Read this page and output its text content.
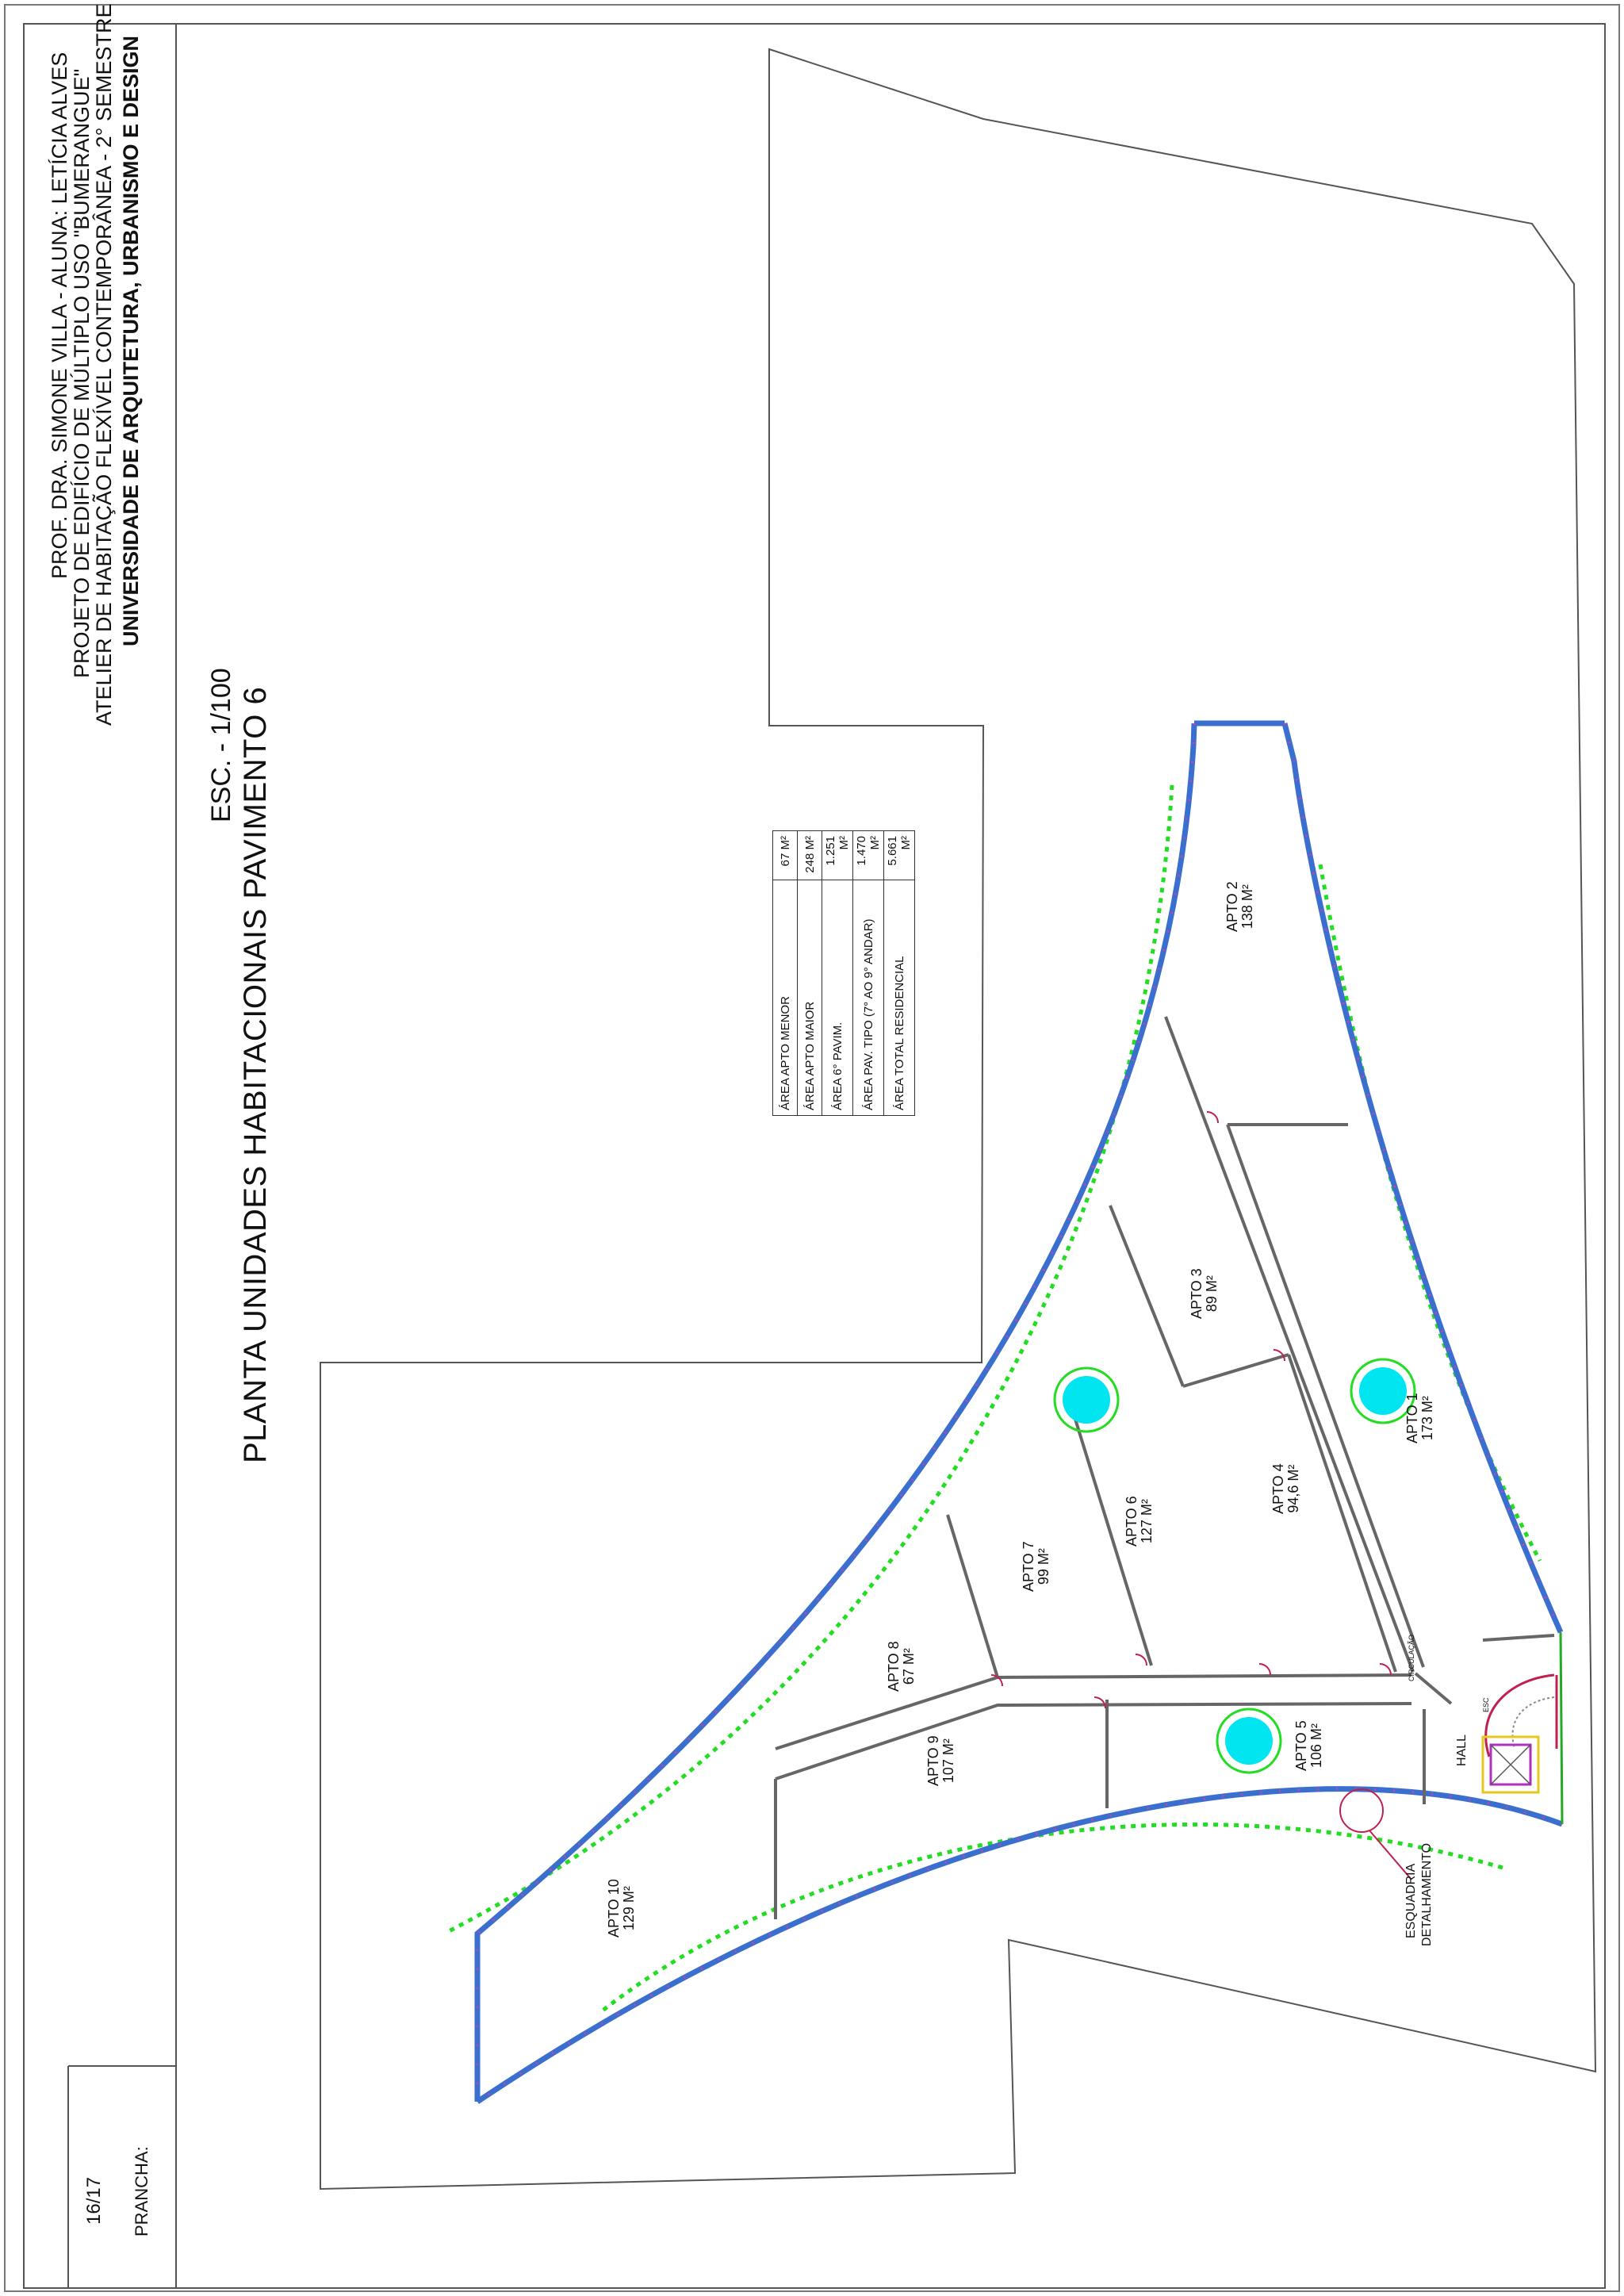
UNIVERSIDADE DE ARQUITETURA, URBANISMO E DESIGN
ATELIER DE HABITAÇÃO FLEXÍVEL CONTEMPORÂNEA - 2° SEMESTRE
PROJETO DE EDIFÍCIO DE MÚLTIPLO USO "BUMERANGUE"
PROF. DRA. SIMONE VILLA - ALUNA: LETÍCIA ALVES
PLANTA UNIDADES HABITACIONAIS PAVIMENTO 6
ESC. - 1/100
PRANCHA:
16/17
ÁREA APTO MENOR	67 M²
ÁREA APTO MAIOR	248 M²
ÁREA 6° PAVIM.	1.251 M²
ÁREA PAV. TIPO (7° AO 9° ANDAR)	1.470 M²
ÁREA TOTAL RESIDENCIAL	5.661 M²
APTO 1
173 M²
APTO 2
138 M²
APTO 3
89 M²
APTO 4
94,6 M²
APTO 5
106 M²
APTO 6
127 M²
APTO 7
99 M²
APTO 8
67 M²
APTO 9
107 M²
APTO 10
129 M²
HALL
DETALHAMENTO
ESQUADRIA
CIRCULAÇÃO
ESC
